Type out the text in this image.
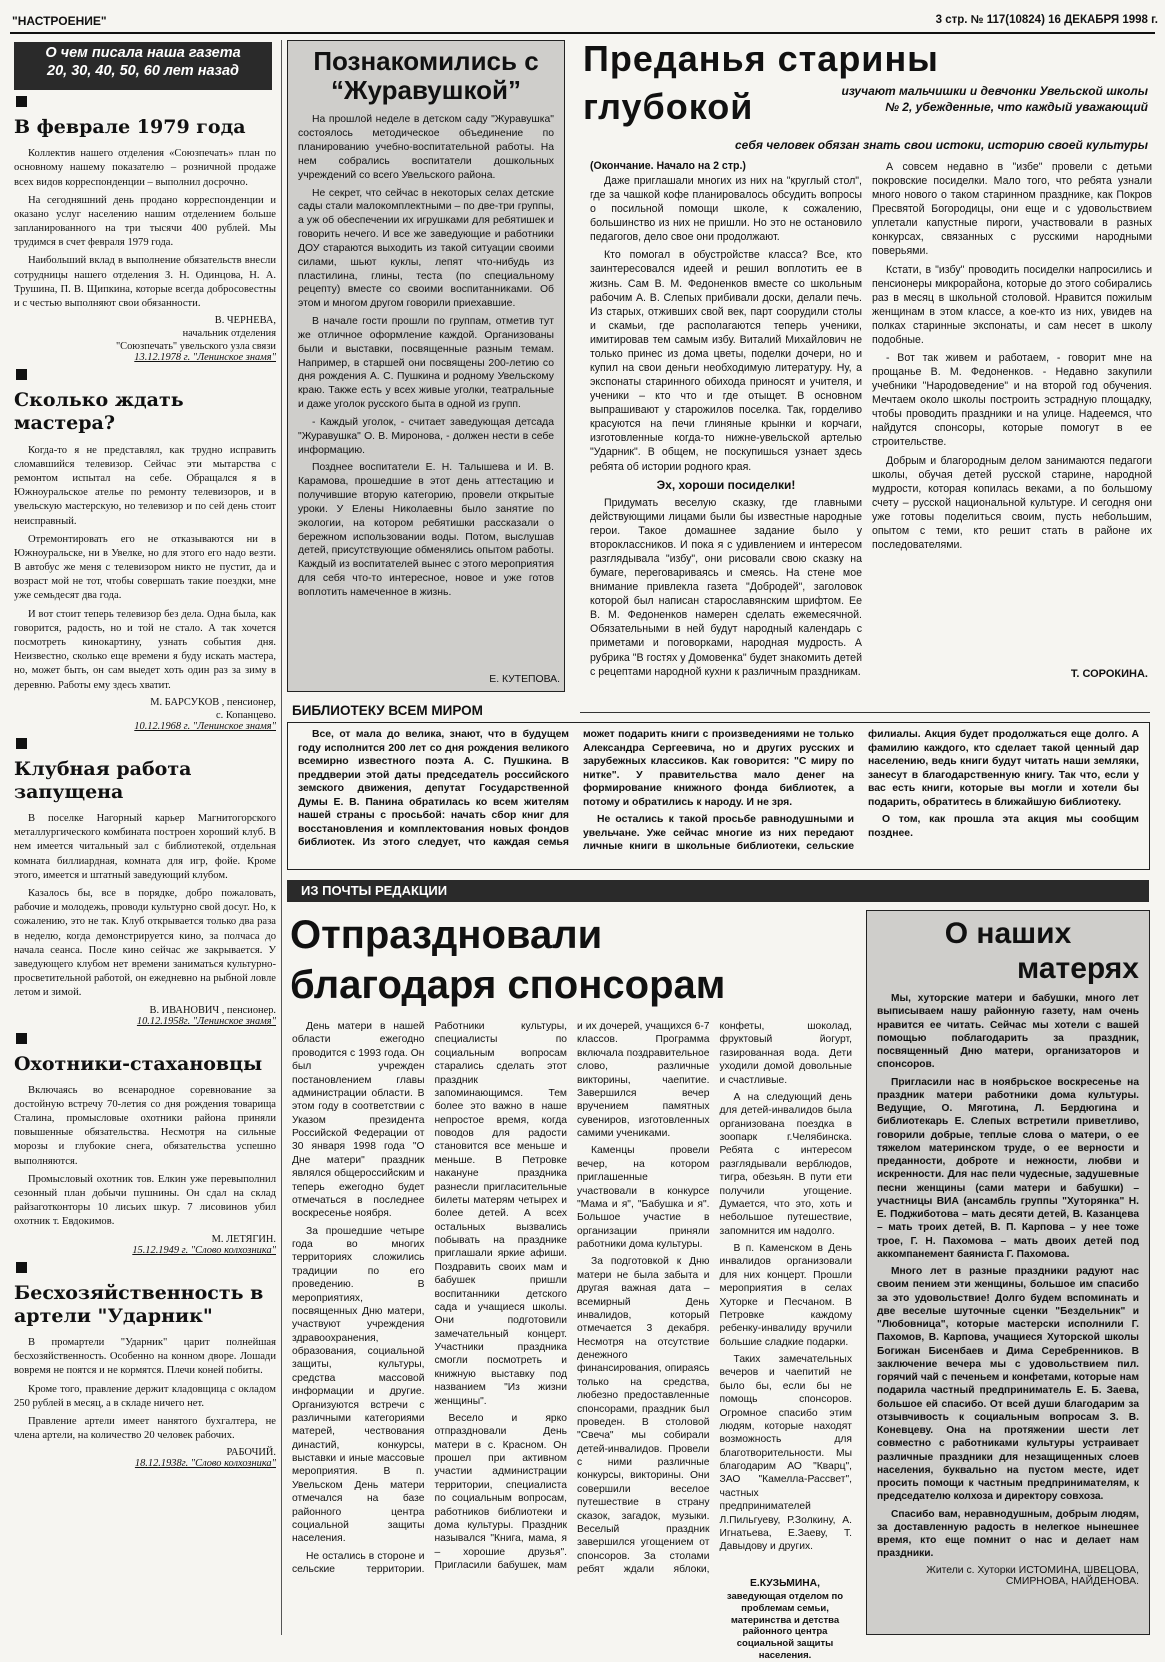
"НАСТРОЕНИЕ"	3 стр. № 117(10824) 16 ДЕКАБРЯ 1998 г.
О чем писала наша газета
20, 30, 40, 50, 60 лет назад
В феврале 1979 года

Коллектив нашего отделения «Союзпечать» план по основному нашему показателю – розничной продаже всех видов корреспонденции – выполнил досрочно.

На сегодняшний день продано корреспонденции и оказано услуг населению нашим отделением больше запланированного на три тысячи 400 рублей. Мы трудимся в счет февраля 1979 года.

Наибольший вклад в выполнение обязательств внесли сотрудницы нашего отделения З. Н. Одинцова, Н. А. Трушина, П. В. Щипкина, которые всегда добросовестны и с честью выполняют свои обязанности.

В. ЧЕРНЕВА,
начальник отделения
"Союзпечать" увельского узла связи
13.12.1978 г. "Ленинское знамя"
Сколько ждать мастера?

Когда-то я не представлял, как трудно исправить сломавшийся телевизор. Сейчас эти мытарства с ремонтом испытал на себе. Обращался я в Южноуральское ателье по ремонту телевизоров, и в увельскую мастерскую, но телевизор и по сей день стоит неисправный.

Отремонтировать его не отказываются ни в Южноуральске, ни в Увелке, но для этого его надо везти. В автобус же меня с телевизором никто не пустит, да и возраст мой не тот, чтобы совершать такие поездки, мне уже семьдесят два года.

И вот стоит теперь телевизор без дела. Одна была, как говорится, радость, но и той не стало. А так хочется посмотреть кинокартину, узнать события дня. Неизвестно, сколько еще времени я буду искать мастера, но, может быть, он сам выедет хоть один раз за зиму в деревню. Работы ему здесь хватит.

М. БАРСУКОВ , пенсионер,
с. Копанцево.
10.12.1968 г. "Ленинское знамя"
Клубная работа запущена

В поселке Нагорный карьер Магнитогорского металлургического комбината построен хороший клуб. В нем имеется читальный зал с библиотекой, отдельная комната биллиардная, комната для игр, фойе. Кроме этого, имеется и штатный заведующий клубом.

Казалось бы, все в порядке, добро пожаловать, рабочие и молодежь, проводи культурно свой досуг. Но, к сожалению, это не так. Клуб открывается только два раза в неделю, когда демонстрируется кино, за полчаса до начала сеанса. После кино сейчас же закрывается. У заведующего клубом нет времени заниматься культурно-просветительной работой, он ежедневно на рыбной ловле летом и зимой.

В. ИВАНОВИЧ , пенсионер.
10.12.1958г. "Ленинское знамя"
Охотники-стахановцы

Включаясь во всенародное соревнование за достойную встречу 70-летия со дня рождения товарища Сталина, промысловые охотники района приняли повышенные обязательства. Несмотря на сильные морозы и глубокие снега, обязательства успешно выполняются.

Промысловый охотник тов. Елкин уже перевыполнил сезонный план добычи пушнины. Он сдал на склад райзаготконторы 10 лисьих шкур. 7 лисовинов убил охотник т. Евдокимов.

М. ЛЕТЯГИН.
15.12.1949 г. "Слово колхозника"
Бесхозяйственность в артели "Ударник"

В промартели "Ударник" царит полнейшая бесхозяйственность. Особенно на конном дворе. Лошади вовремя не поятся и не кормятся. Плечи коней побиты.

Кроме того, правление держит кладовщица с окладом 250 рублей в месяц, а в складе ничего нет.

Правление артели имеет нанятого бухгалтера, не члена артели, на количество 20 человек рабочих.

РАБОЧИЙ.
18.12.1938г. "Слово колхозника"
Познакомились с
“Журавушкой”

На прошлой неделе в детском саду "Журавушка" состоялось методическое объединение по планированию учебно-воспитательной работы. На нем собрались воспитатели дошкольных учреждений со всего Увельского района.

Не секрет, что сейчас в некоторых селах детские сады стали малокомплектными – по две-три группы, а уж об обеспечении их игрушками для ребятишек и говорить нечего. И все же заведующие и работники ДОУ стараются выходить из такой ситуации своими силами, шьют куклы, лепят что-нибудь из пластилина, глины, теста (по специальному рецепту) вместе со своими воспитанниками. Об этом и многом другом говорили приехавшие.

В начале гости прошли по группам, отметив тут же отличное оформление каждой. Организованы были и выставки, посвященные разным темам. Например, в старшей они посвящены 200-летию со дня рождения А. С. Пушкина и родному Увельскому краю. Также есть у всех живые уголки, театральные и даже уголок русского быта в одной из групп.

- Каждый уголок, - считает заведующая детсада "Журавушка" О. В. Миронова, - должен нести в себе информацию.

Позднее воспитатели Е. Н. Талышева и И. В. Карамова, прошедшие в этот день аттестацию и получившие вторую категорию, провели открытые уроки. У Елены Николаевны было занятие по экологии, на котором ребятишки рассказали о бережном использовании воды. Потом, выслушав детей, присутствующие обменялись опытом работы. Каждый из воспитателей вынес с этого мероприятия для себя что-то интересное, новое и уже готов воплотить намеченное в жизнь.

Е. КУТЕПОВА.
Преданья старины
глубокой	изучают мальчишки и девчонки Увельской школы № 2, убежденные, что каждый уважающий
себя человек обязан знать свои истоки, историю своей культуры
(Окончание. Начало на 2 стр.)

Даже приглашали многих из них на "круглый стол", где за чашкой кофе планировалось обсудить вопросы о посильной помощи школе, к сожалению, большинство из них не пришли. Но это не остановило педагогов, дело свое они продолжают.

Кто помогал в обустройстве класса? Все, кто заинтересовался идеей и решил воплотить ее в жизнь. Сам В. М. Федоненков вместе со школьным рабочим А. В. Слепых прибивали доски, делали печь. Из старых, отживших свой век, парт соорудили столы и скамьи, где располагаются теперь ученики, имитировав тем самым избу. Виталий Михайлович не только принес из дома цветы, поделки дочери, но и купил на свои деньги необходимую литературу. Ну, а экспонаты старинного обихода приносят и учителя, и ученики – кто что и где отыщет. В основном выпрашивают у старожилов поселка. Так, горделиво красуются на печи глиняные крынки и корчаги, изготовленные когда-то нижне-увельской артелью "Ударник". В общем, не поскупишься узнает здесь ребята об истории родного края.

Эх, хороши посиделки!

Придумать веселую сказку, где главными действующими лицами были бы известные народные герои. Такое домашнее задание было у второклассников. И пока я с удивлением и интересом разглядывала "избу", они рисовали свою сказку на бумаге, переговариваясь и смеясь. На стене мое внимание привлекла газета "Добродей", заголовок которой был написан старославянским шрифтом. Ее В. М. Федоненков намерен сделать ежемесячной. Обязательными в ней будут народный календарь с приметами и поговорками, народная мудрость. А рубрика "В гостях у Домовенка" будет знакомить детей с рецептами народной кухни к различным праздникам.

А совсем недавно в "избе" провели с детьми покровские посиделки. Мало того, что ребята узнали много нового о таком старинном празднике, как Покров Пресвятой Богородицы, они еще и с удовольствием уплетали капустные пироги, участвовали в разных конкурсах, связанных с русскими народными поверьями.

Кстати, в "избу" проводить посиделки напросились и пенсионеры микрорайона, которые до этого собирались раз в месяц в школьной столовой. Нравится пожилым женщинам в этом классе, а кое-кто из них, увидев на полках старинные экспонаты, и сам несет в школу подобные.

- Вот так живем и работаем, - говорит мне на прощанье В. М. Федоненков. - Недавно закупили учебники "Народоведение" и на второй год обучения. Мечтаем около школы построить эстрадную площадку, чтобы проводить праздники и на улице. Надеемся, что найдутся спонсоры, которые помогут в ее строительстве.

Добрым и благородным делом занимаются педагоги школы, обучая детей русской старине, народной мудрости, которая копилась веками, а по большому счету – русской национальной культуре. И сегодня они уже готовы поделиться своим, пусть небольшим, опытом с теми, кто решит стать в районе их последователями.

Т. СОРОКИНА.
БИБЛИОТЕКУ ВСЕМ МИРОМ

Все, от мала до велика, знают, что в будущем году исполнится 200 лет со дня рождения великого всемирно известного поэта А. С. Пушкина. В преддверии этой даты председатель российского земского движения, депутат Государственной Думы Е. В. Панина обратилась ко всем жителям нашей страны с просьбой: начать сбор книг для восстановления и комплектования новых фондов библиотек. Из этого следует, что каждая семья может подарить книги с произведениями не только Александра Сергеевича, но и других русских и зарубежных классиков. Как говорится: "С миру по нитке". У правительства мало денег на формирование книжного фонда библиотек, а потому и обратились к народу. И не зря.

Не остались к такой просьбе равнодушными и увельчане. Уже сейчас многие из них передают личные книги в школьные библиотеки, сельские филиалы. Акция будет продолжаться еще долго. А фамилию каждого, кто сделает такой ценный дар населению, ведь книги будут читать наши земляки, занесут в благодарственную книгу. Так что, если у вас есть книги, которые вы могли и хотели бы подарить, обратитесь в ближайшую библиотеку.

О том, как прошла эта акция мы сообщим позднее.

ИЗ ПОЧТЫ РЕДАКЦИИ
Отпраздновали
благодаря спонсорам

День матери в нашей области ежегодно проводится с 1993 года. Он был учрежден постановлением главы администрации области. В этом году в соответствии с Указом президента Российской Федерации от 30 января 1998 года "О Дне матери" праздник являлся общероссийским и теперь ежегодно будет отмечаться в последнее воскресенье ноября.

За прошедшие четыре года во многих территориях сложились традиции по его проведению. В мероприятиях, посвященных Дню матери, участвуют учреждения здравоохранения, образования, социальной защиты, культуры, средства массовой информации и другие. Организуются встречи с различными категориями матерей, чествования династий, конкурсы, выставки и иные массовые мероприятия. В п. Увельском День матери отмечался на базе районного центра социальной защиты населения.

Не остались в стороне и сельские территории. Работники культуры, специалисты по социальным вопросам старались сделать этот праздник запоминающимся. Тем более это важно в наше непростое время, когда поводов для радости становится все меньше и меньше. В Петровке накануне праздника разнесли пригласительные билеты матерям четырех и более детей. А всех остальных вызвались побывать на празднике приглашали яркие афиши. Поздравить своих мам и бабушек пришли воспитанники детского сада и учащиеся школы. Они подготовили замечательный концерт. Участники праздника смогли посмотреть и книжную выставку под названием "Из жизни женщины".

Весело и ярко отпраздновали День матери в с. Красном. Он прошел при активном участии администрации территории, специалиста по социальным вопросам, работников библиотеки и дома культуры. Праздник назывался "Книга, мама, я – хорошие друзья". Пригласили бабушек, мам и их дочерей, учащихся 6-7 классов. Программа включала поздравительное слово, различные викторины, чаепитие. Завершился вечер вручением памятных сувениров, изготовленных самими учениками.

Каменцы провели вечер, на котором приглашенные участвовали в конкурсе "Мама и я", "Бабушка и я". Большое участие в организации приняли работники дома культуры.

За подготовкой к Дню матери не была забыта и другая важная дата – всемирный День инвалидов, который отмечается 3 декабря. Несмотря на отсутствие денежного финансирования, опираясь только на средства, любезно предоставленные спонсорами, праздник был проведен. В столовой "Свеча" мы собирали детей-инвалидов. Провели с ними различные конкурсы, викторины. Они совершили веселое путешествие в страну сказок, загадок, музыки. Веселый праздник завершился угощением от спонсоров. За столами ребят ждали яблоки, конфеты, шоколад, фруктовый йогурт, газированная вода. Дети уходили домой довольные и счастливые.

А на следующий день для детей-инвалидов была организована поездка в зоопарк г.Челябинска. Ребята с интересом разглядывали верблюдов, тигра, обезьян. В пути ети получили угощение. Думается, что это, хоть и небольшое путешествие, запомнится им надолго.

В п. Каменском в День инвалидов организовали для них концерт. Прошли мероприятия в селах Хуторке и Песчаном. В Петровке каждому ребенку-инвалиду вручили большие сладкие подарки.

Таких замечательных вечеров и чаепитий не было бы, если бы не помощь спонсоров. Огромное спасибо этим людям, которые находят возможность для благотворительности. Мы благодарим АО "Кварц", ЗАО "Камелла-Рассвет", частных предпринимателей Л.Пильгуеву, Р.Золкину, А. Игнатьева, Е.Заеву, Т. Давыдову и других.

Е.КУЗЬМИНА,
заведующая отделом по проблемам семьи, материнства и детства районного центра социальной защиты населения.
О наших
матерях

Мы, хуторские матери и бабушки, много лет выписываем нашу районную газету, нам очень нравится ее читать. Сейчас мы хотели с вашей помощью поблагодарить за праздник, посвященный Дню матери, организаторов и спонсоров.

Пригласили нас в ноябрьское воскресенье на праздник матери работники дома культуры. Ведущие, О. Мяготина, Л. Бердюгина и библиотекарь Е. Слепых встретили приветливо, говорили добрые, теплые слова о матери, о ее тяжелом материнском труде, о ее верности и преданности, доброте и нежности, любви и искренности. Для нас пели чудесные, задушевные песни женщины (сами матери и бабушки) – участницы ВИА (ансамбль группы "Хуторянка" Н. Е. Поджиботова – мать десяти детей, В. Казанцева – мать троих детей, В. П. Карпова – у нее тоже трое, Г. Н. Пахомова – мать двоих детей под аккомпанемент баяниста Г. Пахомова.

Много лет в разные праздники радуют нас своим пением эти женщины, большое им спасибо за это удовольствие! Долго будем вспоминать и две веселые шуточные сценки "Бездельник" и "Любовница", которые мастерски исполнили Г. Пахомов, В. Карпова, учащиеся Хуторской школы Богижан Бисенбаев и Дима Серебренников. В заключение вечера мы с удовольствием пил. горячий чай с печеньем и конфетами, которые нам подарила частный предприниматель Е. Б. Заева, большое ей спасибо. От всей души благодарим за отзывчивость к социальным вопросам З. В. Коневцеву. Она на протяжении шести лет совместно с работниками культуры устраивает различные праздники для незащищенных слоев населения, буквально на пустом месте, идет просить помощи к частным предпринимателям, к председателю колхоза и директору совхоза.

Спасибо вам, неравнодушным, добрым людям, за доставленную радость в нелегкое нынешнее время, кто еще помнит о нас и делает нам праздники.

Жители с. Хуторки ИСТОМИНА, ШВЕЦОВА, СМИРНОВА, НАЙДЕНОВА.
